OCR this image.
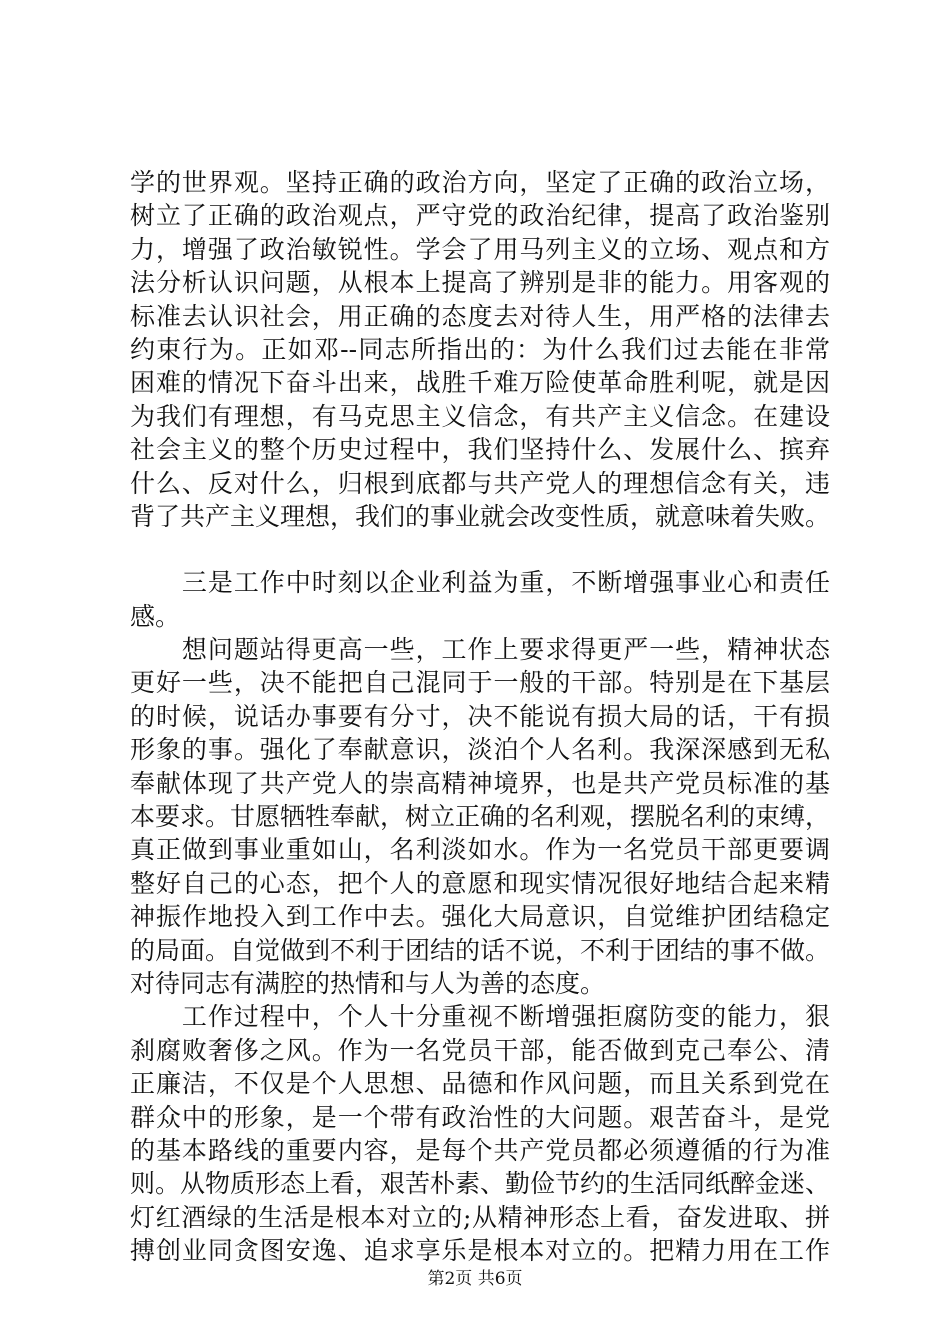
学的世界观。坚持正确的政治方向，坚定了正确的政治立场，
树立了正确的政治观点，严守党的政治纪律，提高了政治鉴别
力，增强了政治敏锐性。学会了用马列主义的立场、观点和方
法分析认识问题，从根本上提高了辨别是非的能力。用客观的
标准去认识社会，用正确的态度去对待人生，用严格的法律去
约束行为。正如邓--同志所指出的：为什么我们过去能在非常
困难的情况下奋斗出来，战胜千难万险使革命胜利呢，就是因
为我们有理想，有马克思主义信念，有共产主义信念。在建设
社会主义的整个历史过程中，我们坚持什么、发展什么、摈弃
什么、反对什么，归根到底都与共产党人的理想信念有关，违
背了共产主义理想，我们的事业就会改变性质，就意味着失败。
　　三是工作中时刻以企业利益为重，不断增强事业心和责任
感。
　　想问题站得更高一些，工作上要求得更严一些，精神状态
更好一些，决不能把自己混同于一般的干部。特别是在下基层
的时候，说话办事要有分寸，决不能说有损大局的话，干有损
形象的事。强化了奉献意识，淡泊个人名利。我深深感到无私
奉献体现了共产党人的崇高精神境界，也是共产党员标准的基
本要求。甘愿牺牲奉献，树立正确的名利观，摆脱名利的束缚，
真正做到事业重如山，名利淡如水。作为一名党员干部更要调
整好自己的心态，把个人的意愿和现实情况很好地结合起来精
神振作地投入到工作中去。强化大局意识，自觉维护团结稳定
的局面。自觉做到不利于团结的话不说，不利于团结的事不做。
对待同志有满腔的热情和与人为善的态度。
　　工作过程中，个人十分重视不断增强拒腐防变的能力，狠
刹腐败奢侈之风。作为一名党员干部，能否做到克己奉公、清
正廉洁，不仅是个人思想、品德和作风问题，而且关系到党在
群众中的形象，是一个带有政治性的大问题。艰苦奋斗，是党
的基本路线的重要内容，是每个共产党员都必须遵循的行为准
则。从物质形态上看，艰苦朴素、勤俭节约的生活同纸醉金迷、
灯红酒绿的生活是根本对立的;从精神形态上看，奋发进取、拼
搏创业同贪图安逸、追求享乐是根本对立的。把精力用在工作
第2页 共6页
